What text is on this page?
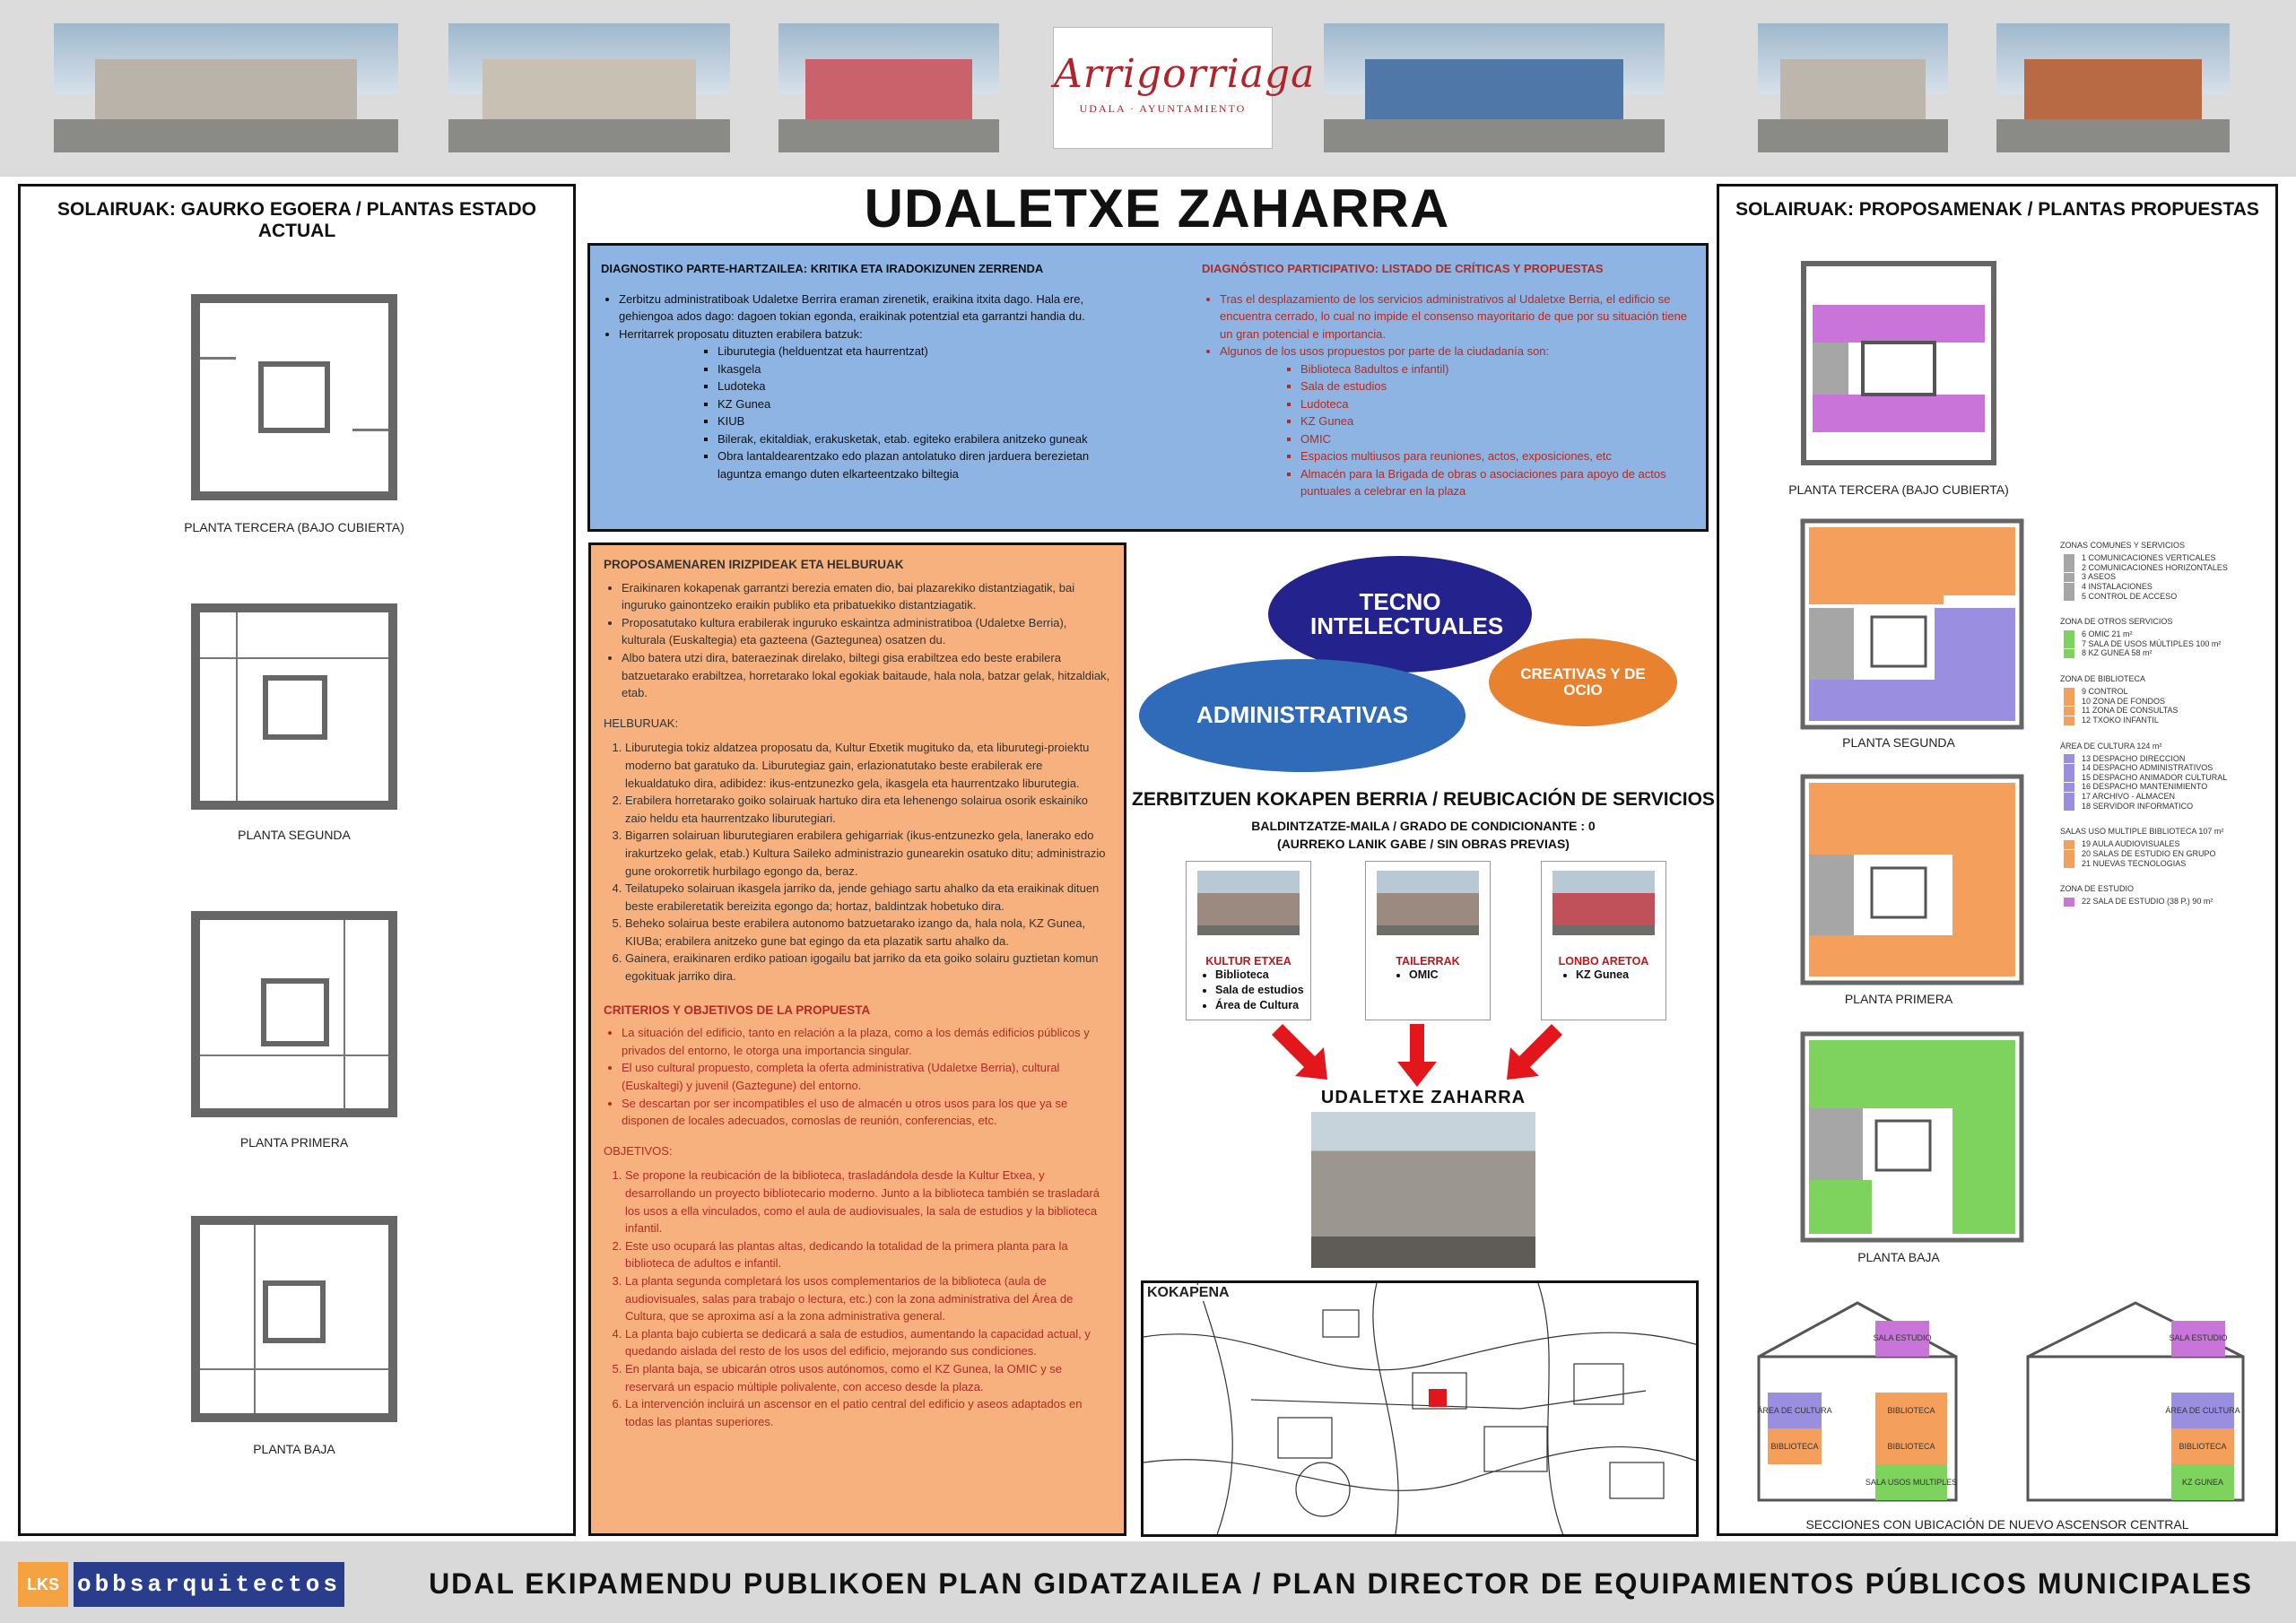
Arrigorriaga
UDALA · AYUNTAMIENTO
SOLAIRUAK: GAURKO EGOERA / PLANTAS ESTADO ACTUAL
PLANTA TERCERA (BAJO CUBIERTA)
PLANTA SEGUNDA
PLANTA PRIMERA
PLANTA BAJA
UDALETXE ZAHARRA
DIAGNOSTIKO PARTE-HARTZAILEA: KRITIKA ETA IRADOKIZUNEN ZERRENDA
• Zerbitzu administratiboak Udaletxe Berrira eraman zirenetik, eraikina itxita dago. Hala ere, gehiengoa ados dago: dagoen tokian egonda, eraikinak potentzial eta garrantzi handia du.
• Herritarrek proposatu dituzten erabilera batzuk:
▪ Liburutegia (helduentzat eta haurrentzat)
▪ Ikasgela
▪ Ludoteka
▪ KZ Gunea
▪ KIUB
▪ Bilerak, ekitaldiak, erakusketak, etab. egiteko erabilera anitzeko guneak
▪ Obra lantaldearentzako edo plazan antolatuko diren jarduera berezietan laguntza emango duten elkarteentzako biltegia
DIAGNÓSTICO PARTICIPATIVO: LISTADO DE CRÍTICAS Y PROPUESTAS
• Tras el desplazamiento de los servicios administrativos al Udaletxe Berria, el edificio se encuentra cerrado, lo cual no impide el consenso mayoritario de que por su situación tiene un gran potencial e importancia.
• Algunos de los usos propuestos por parte de la ciudadanía son:
▪ Biblioteca 8adultos e infantil)
▪ Sala de estudios
▪ Ludoteca
▪ KZ Gunea
▪ OMIC
▪ Espacios multiusos para reuniones, actos, exposiciones, etc
▪ Almacén para la Brigada de obras o asociaciones para apoyo de actos puntuales a celebrar en la plaza
PROPOSAMENAREN IRIZPIDEAK ETA HELBURUAK
• Eraikinaren kokapenak garrantzi berezia ematen dio, bai plazarekiko distantziagatik, bai inguruko gainontzeko eraikin publiko eta pribatuekiko distantziagatik.
• Proposatutako kultura erabilerak inguruko eskaintza administratiboa (Udaletxe Berria), kulturala (Euskaltegia) eta gazteena (Gaztegunea) osatzen du.
• Albo batera utzi dira, bateraezinak direlako, biltegi gisa erabiltzea edo beste erabilera batzuetarako erabiltzea, horretarako lokal egokiak baitaude, hala nola, batzar gelak, hitzaldiak, etab.
HELBURUAK:
1. Liburutegia tokiz aldatzea proposatu da, Kultur Etxetik mugituko da, eta liburutegi-proiektu moderno bat garatuko da. Liburutegiaz gain, erlazionatutako beste erabilerak ere lekualdatuko dira, adibidez: ikus-entzunezko gela, ikasgela eta haurrentzako liburutegia.
2. Erabilera horretarako goiko solairuak hartuko dira eta lehenengo solairua osorik eskainiko zaio heldu eta haurrentzako liburutegiari.
3. Bigarren solairuan liburutegiaren erabilera gehigarriak (ikus-entzunezko gela, lanerako edo irakurtzeko gelak, etab.) Kultura Saileko administrazio gunearekin osatuko ditu; administrazio gune orokorretik hurbilago egongo da, beraz.
4. Teilatupeko solairuan ikasgela jarriko da, jende gehiago sartu ahalko da eta eraikinak dituen beste erabileretatik bereizita egongo da; hortaz, baldintzak hobetuko dira.
5. Beheko solairua beste erabilera autonomo batzuetarako izango da, hala nola, KZ Gunea, KIUBa; erabilera anitzeko gune bat egingo da eta plazatik sartu ahalko da.
6. Gainera, eraikinaren erdiko patioan igogailu bat jarriko da eta goiko solairu guztietan komun egokituak jarriko dira.
CRITERIOS Y OBJETIVOS DE LA PROPUESTA
• La situación del edificio, tanto en relación a la plaza, como a los demás edificios públicos y privados del entorno, le otorga una importancia singular.
• El uso cultural propuesto, completa la oferta administrativa (Udaletxe Berria), cultural (Euskaltegi) y juvenil (Gaztegune) del entorno.
• Se descartan por ser incompatibles el uso de almacén u otros usos para los que ya se disponen de locales adecuados, comoslas de reunión, conferencias, etc.
OBJETIVOS:
1. Se propone la reubicación de la biblioteca, trasladándola desde la Kultur Etxea, y desarrollando un proyecto bibliotecario moderno. Junto a la biblioteca también se trasladará los usos a ella vinculados, como el aula de audiovisuales, la sala de estudios y la biblioteca infantil.
2. Este uso ocupará las plantas altas, dedicando la totalidad de la primera planta para la biblioteca de adultos e infantil.
3. La planta segunda completará los usos complementarios de la biblioteca (aula de audiovisuales, salas para trabajo o lectura, etc.) con la zona administrativa del Área de Cultura, que se aproxima así a la zona administrativa general.
4. La planta bajo cubierta se dedicará a sala de estudios, aumentando la capacidad actual, y quedando aislada del resto de los usos del edificio, mejorando sus condiciones.
5. En planta baja, se ubicarán otros usos autónomos, como el KZ Gunea, la OMIC y se reservará un espacio múltiple polivalente, con acceso desde la plaza.
6. La intervención incluirá un ascensor en el patio central del edificio y aseos adaptados en todas las plantas superiores.
TECNO INTELECTUALES
ADMINISTRATIVAS
CREATIVAS Y DE OCIO
ZERBITZUEN KOKAPEN BERRIA / REUBICACIÓN DE SERVICIOS
BALDINTZATZE-MAILA / GRADO DE CONDICIONANTE : 0
(AURREKO LANIK GABE / SIN OBRAS PREVIAS)
KULTUR ETXEA
• Biblioteca
• Sala de estudios
• Área de Cultura
TAILERRAK
• OMIC
LONBO ARETOA
• KZ Gunea
UDALETXE ZAHARRA
KOKAPENA
SOLAIRUAK: PROPOSAMENAK / PLANTAS PROPUESTAS
PLANTA TERCERA (BAJO CUBIERTA)
PLANTA SEGUNDA
PLANTA PRIMERA
PLANTA BAJA
ZONAS COMUNES Y SERVICIOS
1 COMUNICACIONES VERTICALES
2 COMUNICACIONES HORIZONTALES
3 ASEOS
4 INSTALACIONES
5 CONTROL DE ACCESO
ZONA DE OTROS SERVICIOS
6 OMIC 21 m²
7 SALA DE USOS MÚLTIPLES 100 m²
8 KZ GUNEA 58 m²
ZONA DE BIBLIOTECA
9 CONTROL
10 ZONA DE FONDOS
11 ZONA DE CONSULTAS
12 TXOKO INFANTIL
ÁREA DE CULTURA 124 m²
13 DESPACHO DIRECCION
14 DESPACHO ADMINISTRATIVOS
15 DESPACHO ANIMADOR CULTURAL
16 DESPACHO MANTENIMIENTO
17 ARCHIVO - ALMACEN
18 SERVIDOR INFORMATICO
SALAS USO MULTIPLE BIBLIOTECA 107 m²
19 AULA AUDIOVISUALES
20 SALAS DE ESTUDIO EN GRUPO
21 NUEVAS TECNOLOGIAS
ZONA DE ESTUDIO
22 SALA DE ESTUDIO (38 P.) 90 m²
SALA ESTUDIO
ÁREA DE CULTURA	BIBLIOTECA
BIBLIOTECA	BIBLIOTECA
SALA USOS MULTIPLES
SALA ESTUDIO
ÁREA DE CULTURA
BIBLIOTECA
KZ GUNEA
SECCIONES CON UBICACIÓN DE NUEVO ASCENSOR CENTRAL
LKS obbsarquitectos	UDAL EKIPAMENDU PUBLIKOEN PLAN GIDATZAILEA / PLAN DIRECTOR DE EQUIPAMIENTOS PÚBLICOS MUNICIPALES
